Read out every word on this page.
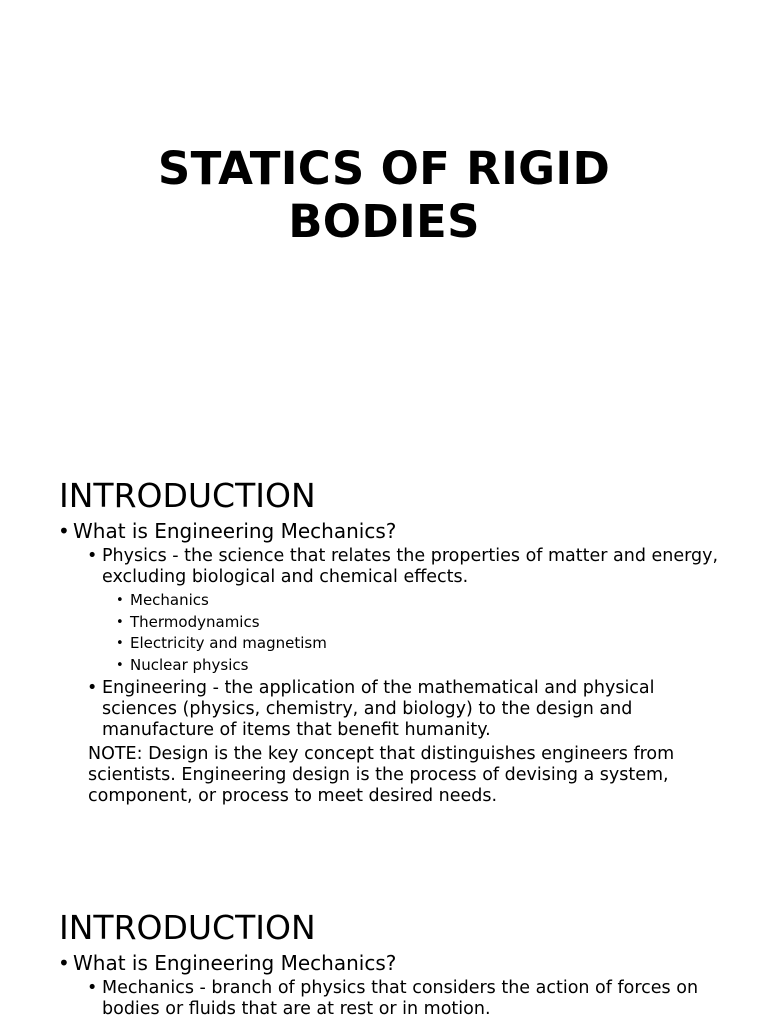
STATICS OF RIGID
BODIES
INTRODUCTION

• What is Engineering Mechanics?

• Physics - the science that relates the properties of matter and energy, excluding biological and chemical effects.

• Mechanics

• Thermodynamics

• Electricity and magnetism

• Nuclear physics

• Engineering - the application of the mathematical and physical sciences (physics, chemistry, and biology) to the design and manufacture of items that benefit humanity.

NOTE: Design is the key concept that distinguishes engineers from scientists. Engineering design is the process of devising a system, component, or process to meet desired needs.

INTRODUCTION

• What is Engineering Mechanics?

• Mechanics - branch of physics that considers the action of forces on bodies or fluids that are at rest or in motion.
